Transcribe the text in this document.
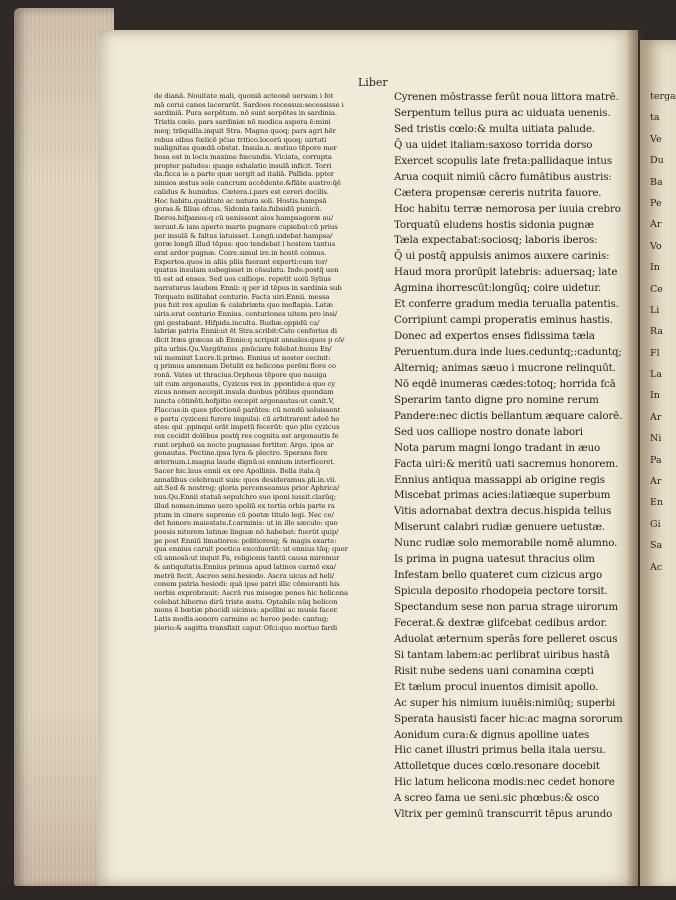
Liber
de dianā. Nouitate mali, quoniā acteonē uersum i fot
mā cerui canes lacerarūt. Sardoos recessus:secessisse i
sardiniā. Pura serpētum. nō sunt serpētes in sardinia.
Tristis cœlo. pars sardiniæ nō modica aspera ē:mini
meq; trāquilla.inquit Stra. Magna quoq; pars agri hēr
rebus oibus fœlicē pc̄ue tritico.locorū quoq; uirtuti
malignitas quædā obstat. Insula.n. æstiuo tēpore mor
bosa est in locis maxime fœcundis. Viciata, corrupta
propter paludes: quage exhalatio insulā inficit. Torri
da.ficca ie a parte quæ uergit ad italiā. Pallida. ppter
nimios æstus sole cancrum accēdente.&flāte austro:q̄ē
calidus & humidus. Cætera.i.pars est cereri docilis.
Hoc habitu.qualitate ac natura soli. Hostis.hampsā
goras.& filius ofcus. Sidonia tæla.fubsidū punicū.
Iberos.hifpanos:q cū uenissent aios hampsagoræ au/
xerunt.& iam aperto marte pugnare cupiebat:cū prius
per insulā & faltus latuisset. Longū.uidebat hampsa/
goræ longū illud tēpus: quo tendebat i hostem tantus
erat ardor pugnæ. Coire.simul ire.in hostē coimus.
Expertos.quos in aliis pliis fuerant experti:cum tor/
quatus insulam subegisset in cōsulatu. Inde.postq̄ uen
tū est ad enses. Sed uos calliope. repetit uoiū Sylius
narraturus laudem Ennii: q per id tēpus in sardinia sub
Torquato militabat centurio. Facta uiri.Ennii. messa
pus fuit rex apuliæ & calabriæta quo meflapia. Latæ
uiris.erat centurio Ennius. centuriones uitem pro insi/
gni gestabant. Hifpida.inculta. Rudiæ.oppidū ca/
labriæ patria Ennii:ut ēt Stra.scribit:Cato cenforius di
dicit lræs græcas ab Ennio:q scripsit annales:quos p cō/
pita urbis.Qu.Vargūteius .pnūciare folebat:huius En/
nii meminit Lucre.li.primo. Ennius ut noster cecinit:
q primus amœnam Detulit ex helicone perēni flore co
ronā. Vates ut thracius.Orpheus tēpore quo nauiga
uit cum argonautis, Cyzicus rex in .ppontide:a quo cy
zicus nomen accepit.insula duobus pōtibus quondam
iuncta cōtinēti.hofpitio excepit argonautas:ut canit.V,
Flaccus:in quos pfectionē parātes: cū nondū soluissent
e portu cyziceni furore impulsi: cū arbitrarent adeē ho
stes: qui .ppinqui erāt impetū fecerūt: quo plio cyzicus
rex cecidit dolēbus postq̄ res cognita est argonautis fe
runt orpheū ea nocte pugnasse fortiter. Argo. ipos ar
gonautas. Pectine.ipsa lyra & plectro. Sperans fore
æternum.i.magna laude dignū:si ennium interficeret.
Sacer hic.laus ennii ex ore Apollinis. Bella itala.q̄
annalibus celebrauit suis: quos desideramus.pli.in.vii.
ait.Sed & nostrog; gloria percenseamus prior Aphrica/
nus.Qu.Ennii statuā sepulchro suo iponi iussit.clarūq;
illud nomen:immo uero spoliū ex tertia orbis parte ra
ptum in cinere supremo cū poetæ titulo legi. Nec ce/
det honore.maiestate.f.carminis: ut in illo sæculo: quo
poesis nitorem latinæ linguæ nō habebat: fuerūt quip/
pe post Enniū limatiores: politioresq; & magis exarte:
qua ennius caruit poetica excoluerūt: ut ennius tāq; quer
cū annosā:ut inquit Fa, religionis tantū causa miremur
& antiquitatis.Ennius primus apud latinos carmē exa/
metrū fecit. Ascreo seni.hesiodo. Ascra uicus ad heli/
conem patria hesiodi: quā ipse patri illic cōmoranti his
uerbis exprobrauit: Ascrā rus misegæ penes hic helicona
colebat.hiberno dirū triste æstu. Optabile nūq helicon
mons ē bœtiæ phocidi uicinus: apollini ac musis facer.
Latis modis.sonoro carmine ac heroo pede: cantug;
pierio:& sagitta transfixit caput Ofci:quo mortuo fardi
Cyrenen mōstrasse ferūt noua littora matrē.
Serpentum tellus pura ac uiduata uenenis.
Sed tristis cœlo:& multa uitiata palude.
Q̄ ua uidet italiam:saxoso torrida dorso
Exercet scopulis late freta:pallidaque intus
Arua coquit nimiū cācro fumātibus austris:
Cætera propensæ cereris nutrita fauore.
Hoc habitu terræ nemorosa per iuuia crebro
Torquatū eludens hostis sidonia pugnæ
Tæla expectabat:sociosq; laboris iberos:
Q̄ ui postq̄ appulsis animos auxere carinis:
Haud mora prorūpit latebris: aduersaq; late
Agmina ihorrescūt:longūq; coire uidetur.
Et conferre gradum media terualla patentis.
Corripiunt campi properatis eminus hastis.
Donec ad expertos enses fidissima tæla
Peruentum.dura inde lues.ceduntq;:caduntq;
Alterniq; animas sæuo i mucrone relinquūt.
Nō eqdē inumeras cædes:totoq; horrida fcā
Sperarim tanto digne pro nomine rerum
Pandere:nec dictis bellantum æquare calorē.
Sed uos calliope nostro donate labori
Nota parum magni longo tradant in æuo
Facta uiri:& meritū uati sacremus honorem.
Ennius antiqua massappi ab origine regis
Miscebat primas acies:latiæque superbum
Vitis adornabat dextra decus.hispida tellus
Miserunt calabri rudiæ genuere uetustæ.
Nunc rudiæ solo memorabile nomē alumno.
Is prima in pugna uatesut thracius olim
Infestam bello quateret cum cizicus argo
Spicula deposito rhodopeia pectore torsit.
Spectandum sese non parua strage uirorum
Fecerat.& dextræ glifcebat cedibus ardor.
Aduolat æternum sperās fore pelleret oscus
Si tantam labem:ac perlibrat uiribus hastā
Risit nube sedens uani conamina cœpti
Et tælum procul inuentos dimisit apollo.
Ac super his nimium iuuēis:nimiūq; superbi
Sperata hausisti facer hic:ac magna sororum
Aonidum cura:& dignus apolline uates
Hic canet illustri primus bella itala uersu.
Attolletque duces cœlo.resonare docebit
Hic latum helicona modis:nec cedet honore
A screo fama ue seni.sic phœbus:& osco
Vltrix per geminū transcurrit tēpus arundo
terga
ta
Ve
Du
Ba
Pe
Ar
Vo
In
Ce
Li
Ra
Fl
La
In
Ar
Ni
Pa
Ar
En
Gi
Sa
Ac
